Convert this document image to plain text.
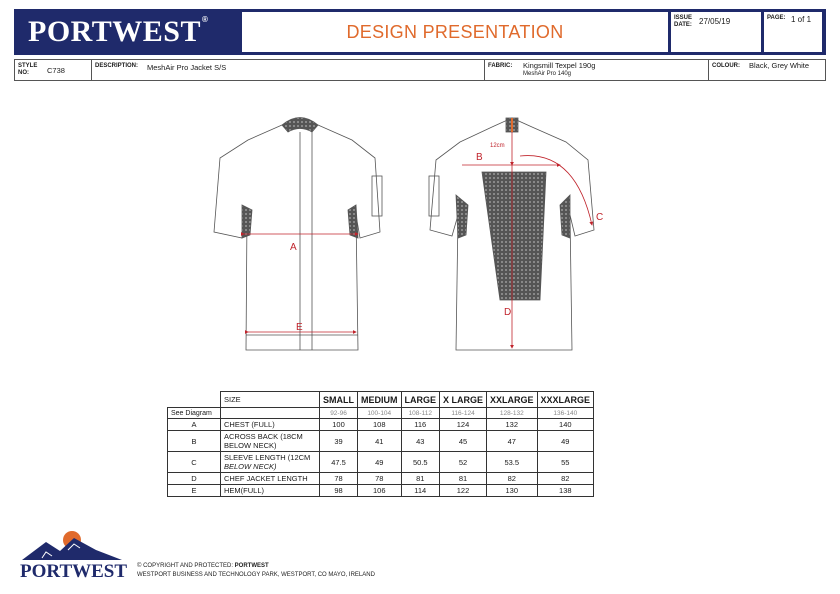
PORTWEST®
DESIGN PRESENTATION
ISSUE DATE: 27/05/19	PAGE: 1 of 1
STYLE NO:	C738	DESCRIPTION: MeshAir Pro Jacket S/S	FABRIC: Kingsmill Texpel 190g
MeshAir Pro 140g
COLOUR: Black, Grey White
A
E
B
12cm
D
C
	SIZE	SMALL	MEDIUM	LARGE	X LARGE	XXLARGE	XXXLARGE
See Diagram		92-96	100-104	108-112	116-124	128-132	136-140
A	CHEST (FULL)	100	108	116	124	132	140
B	ACROSS BACK (18CM
BELOW NECK)	39	41	43	45	47	49
C	SLEEVE LENGTH (12CM
BELOW NECK)	47.5	49	50.5	52	53.5	55
D	CHEF JACKET LENGTH	78	78	81	81	82	82
E	HEM(FULL)	98	106	114	122	130	138
PORTWEST © COPYRIGHT AND PROTECTED: PORTWEST
WESTPORT BUSINESS AND TECHNOLOGY PARK, WESTPORT, CO MAYO, IRELAND
